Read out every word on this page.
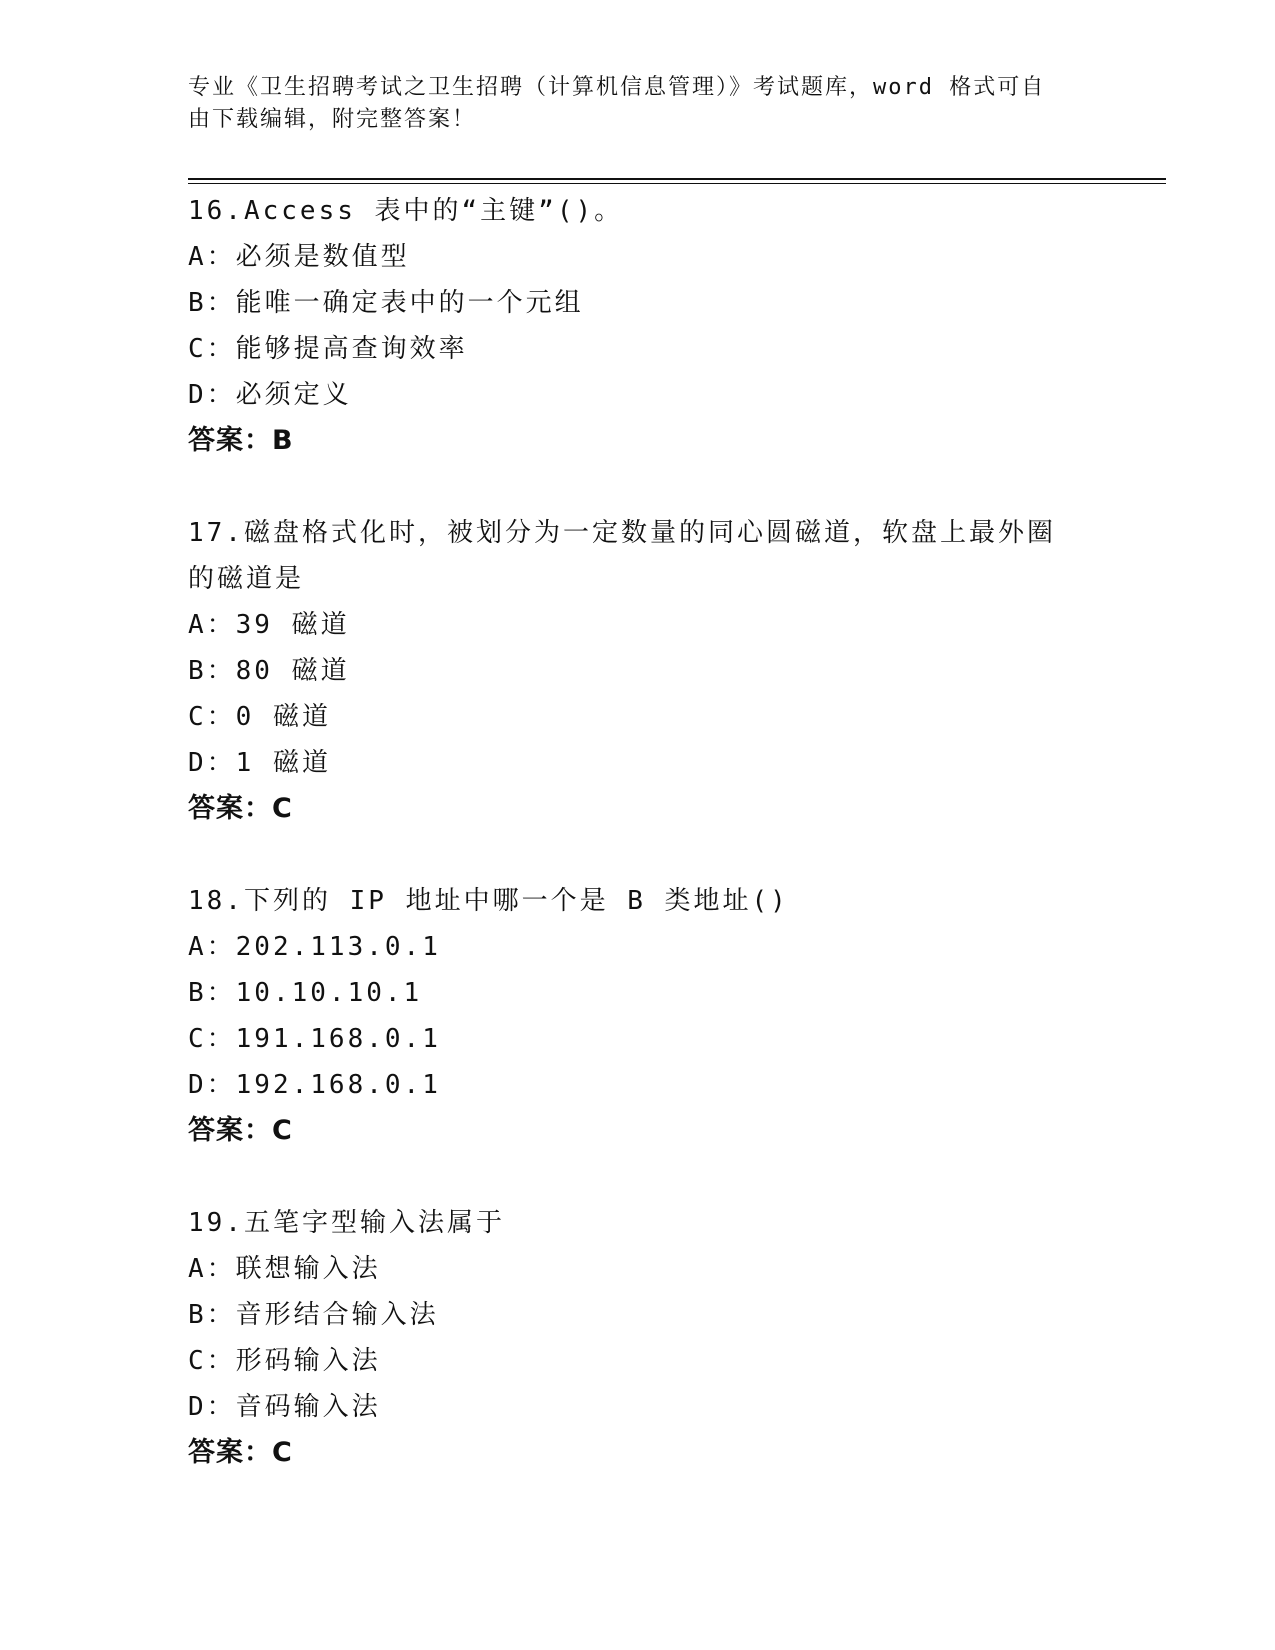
专业《卫生招聘考试之卫生招聘（计算机信息管理）》考试题库，word 格式可自
由下载编辑，附完整答案！
16.Access 表中的“主键”()。
A：必须是数值型
B：能唯一确定表中的一个元组
C：能够提高查询效率
D：必须定义
答案：B
17.磁盘格式化时，被划分为一定数量的同心圆磁道，软盘上最外圈的磁道是
A：39 磁道
B：80 磁道
C：0 磁道
D：1 磁道
答案：C
18.下列的 IP 地址中哪一个是 B 类地址()
A：202.113.0.1
B：10.10.10.1
C：191.168.0.1
D：192.168.0.1
答案：C
19.五笔字型输入法属于
A：联想输入法
B：音形结合输入法
C：形码输入法
D：音码输入法
答案：C
